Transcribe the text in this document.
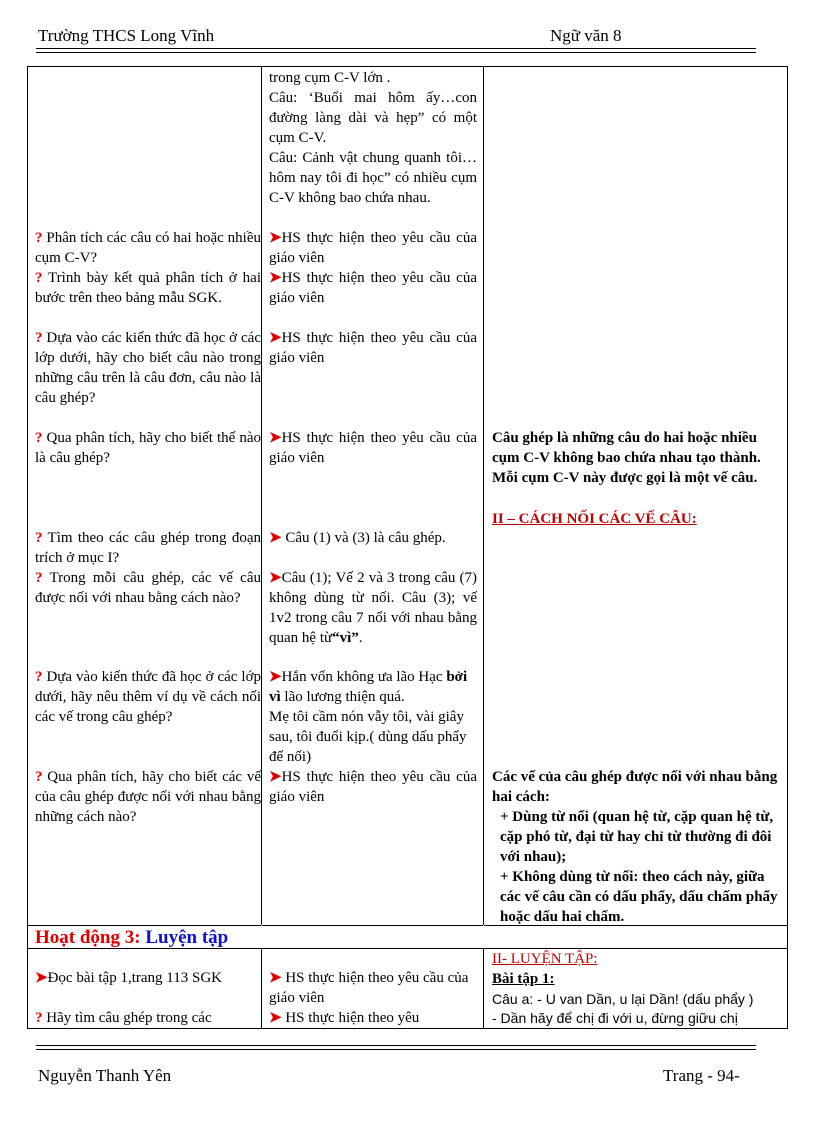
Trường THCS Long Vĩnh	Ngữ văn 8
? Phân tích các câu có hai hoặc nhiều cụm C-V?
? Trình bày kết quả phân tích ở hai bước trên theo bảng mẫu SGK.
? Dựa vào các kiến thức đã học ở các lớp dưới, hãy cho biết câu nào trong những câu trên là câu đơn, câu nào là câu ghép?
? Qua phân tích, hãy cho biết thế nào là câu ghép?
? Tìm theo các câu ghép trong đoạn trích ở mục I?
? Trong mỗi câu ghép, các vế câu được nối với nhau bằng cách nào?
? Dựa vào kiến thức đã học ở các lớp dưới, hãy nêu thêm ví dụ về cách nối các vế trong câu ghép?
? Qua phân tích, hãy cho biết các vế của câu ghép được nối với nhau bằng những cách nào?
➤Đọc bài tập 1,trang 113 SGK
? Hãy tìm câu ghép trong các
trong cụm C-V lớn .
Câu: ‘Buổi mai hôm ấy…con đường làng dài và hẹp” có một cụm C-V.
Câu: Cảnh vật chung quanh tôi…hôm nay tôi đi học” có nhiều cụm C-V không bao chứa nhau.
➤HS thực hiện theo yêu cầu của giáo viên
➤HS thực hiện theo yêu cầu của giáo viên
➤HS thực hiện theo yêu cầu của giáo viên
➤HS thực hiện theo yêu cầu của giáo viên
➤ Câu (1) và (3) là câu ghép.
➤Câu (1); Vế 2 và 3 trong câu (7) không dùng từ nối. Câu (3); vế 1v2 trong câu 7 nối với nhau bằng quan hệ từ“vì”.
➤Hắn vốn không ưa lão Hạc bởi vì lão lương thiện quá.
Mẹ tôi cầm nón vẫy tôi, vài giây sau, tôi đuổi kịp.( dùng dấu phẩy để nối)
➤HS thực hiện theo yêu cầu của giáo viên
➤ HS thực hiện theo yêu cầu của giáo viên
➤ HS thực hiện theo yêu
Câu ghép là những câu do hai hoặc nhiều cụm C-V không bao chứa nhau tạo thành. Mỗi cụm C-V này được gọi là một vế câu.
II – CÁCH NỐI CÁC VẾ CÂU:
Các vế của câu ghép được nối với nhau bằng hai cách:
+ Dùng từ nối (quan hệ từ, cặp quan hệ từ, cặp phó từ, đại từ hay chỉ từ thường đi đôi với nhau);
+ Không dùng từ nối: theo cách này, giữa các vế câu cần có dấu phẩy, dấu chấm phẩy hoặc dấu hai chấm.
II- LUYỆN TẬP:
Bài tập 1:
Câu a: - U van Dần, u lại Dần! (dấu phẩy )
- Dần hãy để chị đi với u, đừng giữu chị
Hoạt động 3: Luyện tập
Nguyễn Thanh Yên	Trang - 94-
